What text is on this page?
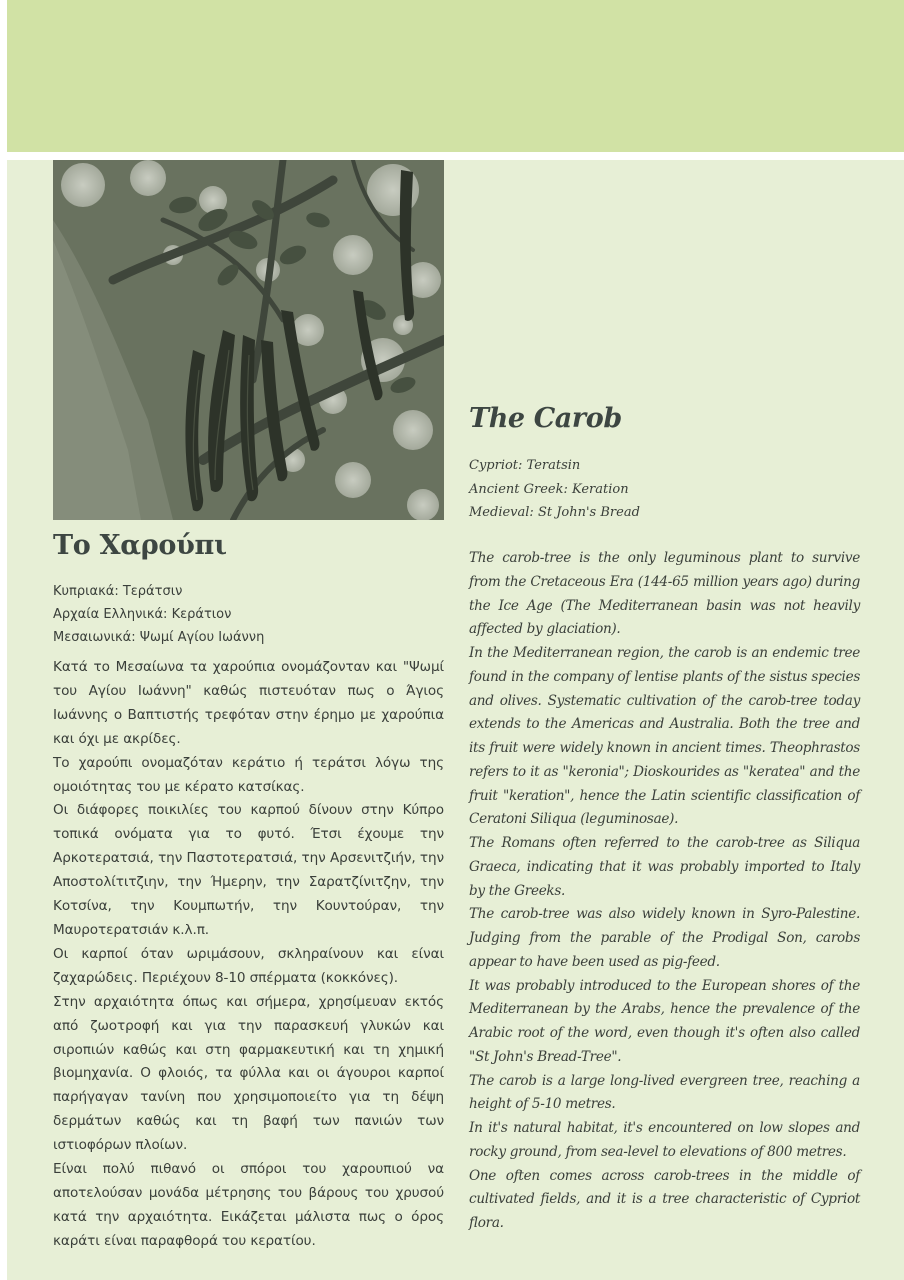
Το Χαρούπι
Κυπριακά: Τεράτσιν
Αρχαία Ελληνικά: Κεράτιον
Μεσαιωνικά: Ψωμί Αγίου Ιωάννη

Κατά το Μεσαίωνα τα χαρούπια ονομάζονταν και "Ψωμί του Αγίου Ιωάννη" καθώς πιστευόταν πως ο Άγιος Ιωάννης ο Βαπτιστής τρεφόταν στην έρημο με χαρούπια και όχι με ακρίδες.

Το χαρούπι ονομαζόταν κεράτιο ή τεράτσι λόγω της ομοιότητας του με κέρατο κατσίκας.

Οι διάφορες ποικιλίες του καρπού δίνουν στην Κύπρο τοπικά ονόματα για το φυτό. Έτσι έχουμε την Αρκοτερατσιά, την Παστοτερατσιά, την Αρσενιτζιήν, την Αποστολίτιτζιην, την Ήμερην, την Σαρατζίνιτζην, την Κοτσίνα, την Κουμπωτήν, την Κουντούραν, την Μαυροτερατσιάν κ.λ.π.

Οι καρποί όταν ωριμάσουν, σκληραίνουν και είναι ζαχαρώδεις. Περιέχουν 8-10 σπέρματα (κοκκόνες).

Στην αρχαιότητα όπως και σήμερα, χρησίμευαν εκτός από ζωοτροφή και για την παρασκευή γλυκών και σιροπιών καθώς και στη φαρμακευτική και τη χημική βιομηχανία. Ο φλοιός, τα φύλλα και οι άγουροι καρποί παρήγαγαν τανίνη που χρησιμοποιείτο για τη δέψη δερμάτων καθώς και τη βαφή των πανιών των ιστιοφόρων πλοίων.

Είναι πολύ πιθανό οι σπόροι του χαρουπιού να αποτελούσαν μονάδα μέτρησης του βάρους του χρυσού κατά την αρχαιότητα. Εικάζεται μάλιστα πως ο όρος καράτι είναι παραφθορά του κερατίου.

The Carob
Cypriot: Teratsin
Ancient Greek: Keration
Medieval: St John's Bread

The carob-tree is the only leguminous plant to survive from the Cretaceous Era (144-65 million years ago) during the Ice Age (The Mediterranean basin was not heavily affected by glaciation).

In the Mediterranean region, the carob is an endemic tree found in the company of lentise plants of the sistus species and olives. Systematic cultivation of the carob-tree today extends to the Americas and Australia. Both the tree and its fruit were widely known in ancient times. Theophrastos refers to it as "keronia"; Dioskourides as "keratea" and the fruit "keration", hence the Latin scientific classification of Ceratoni Siliqua (leguminosae).

The Romans often referred to the carob-tree as Siliqua Graeca, indicating that it was probably imported to Italy by the Greeks.

The carob-tree was also widely known in Syro-Palestine. Judging from the parable of the Prodigal Son, carobs appear to have been used as pig-feed.

It was probably introduced to the European shores of the Mediterranean by the Arabs, hence the prevalence of the Arabic root of the word, even though it's often also called "St John's Bread-Tree".

The carob is a large long-lived evergreen tree, reaching a height of 5-10 metres.

In it's natural habitat, it's encountered on low slopes and rocky ground, from sea-level to elevations of 800 metres.

One often comes across carob-trees in the middle of cultivated fields, and it is a tree characteristic of Cypriot flora.
